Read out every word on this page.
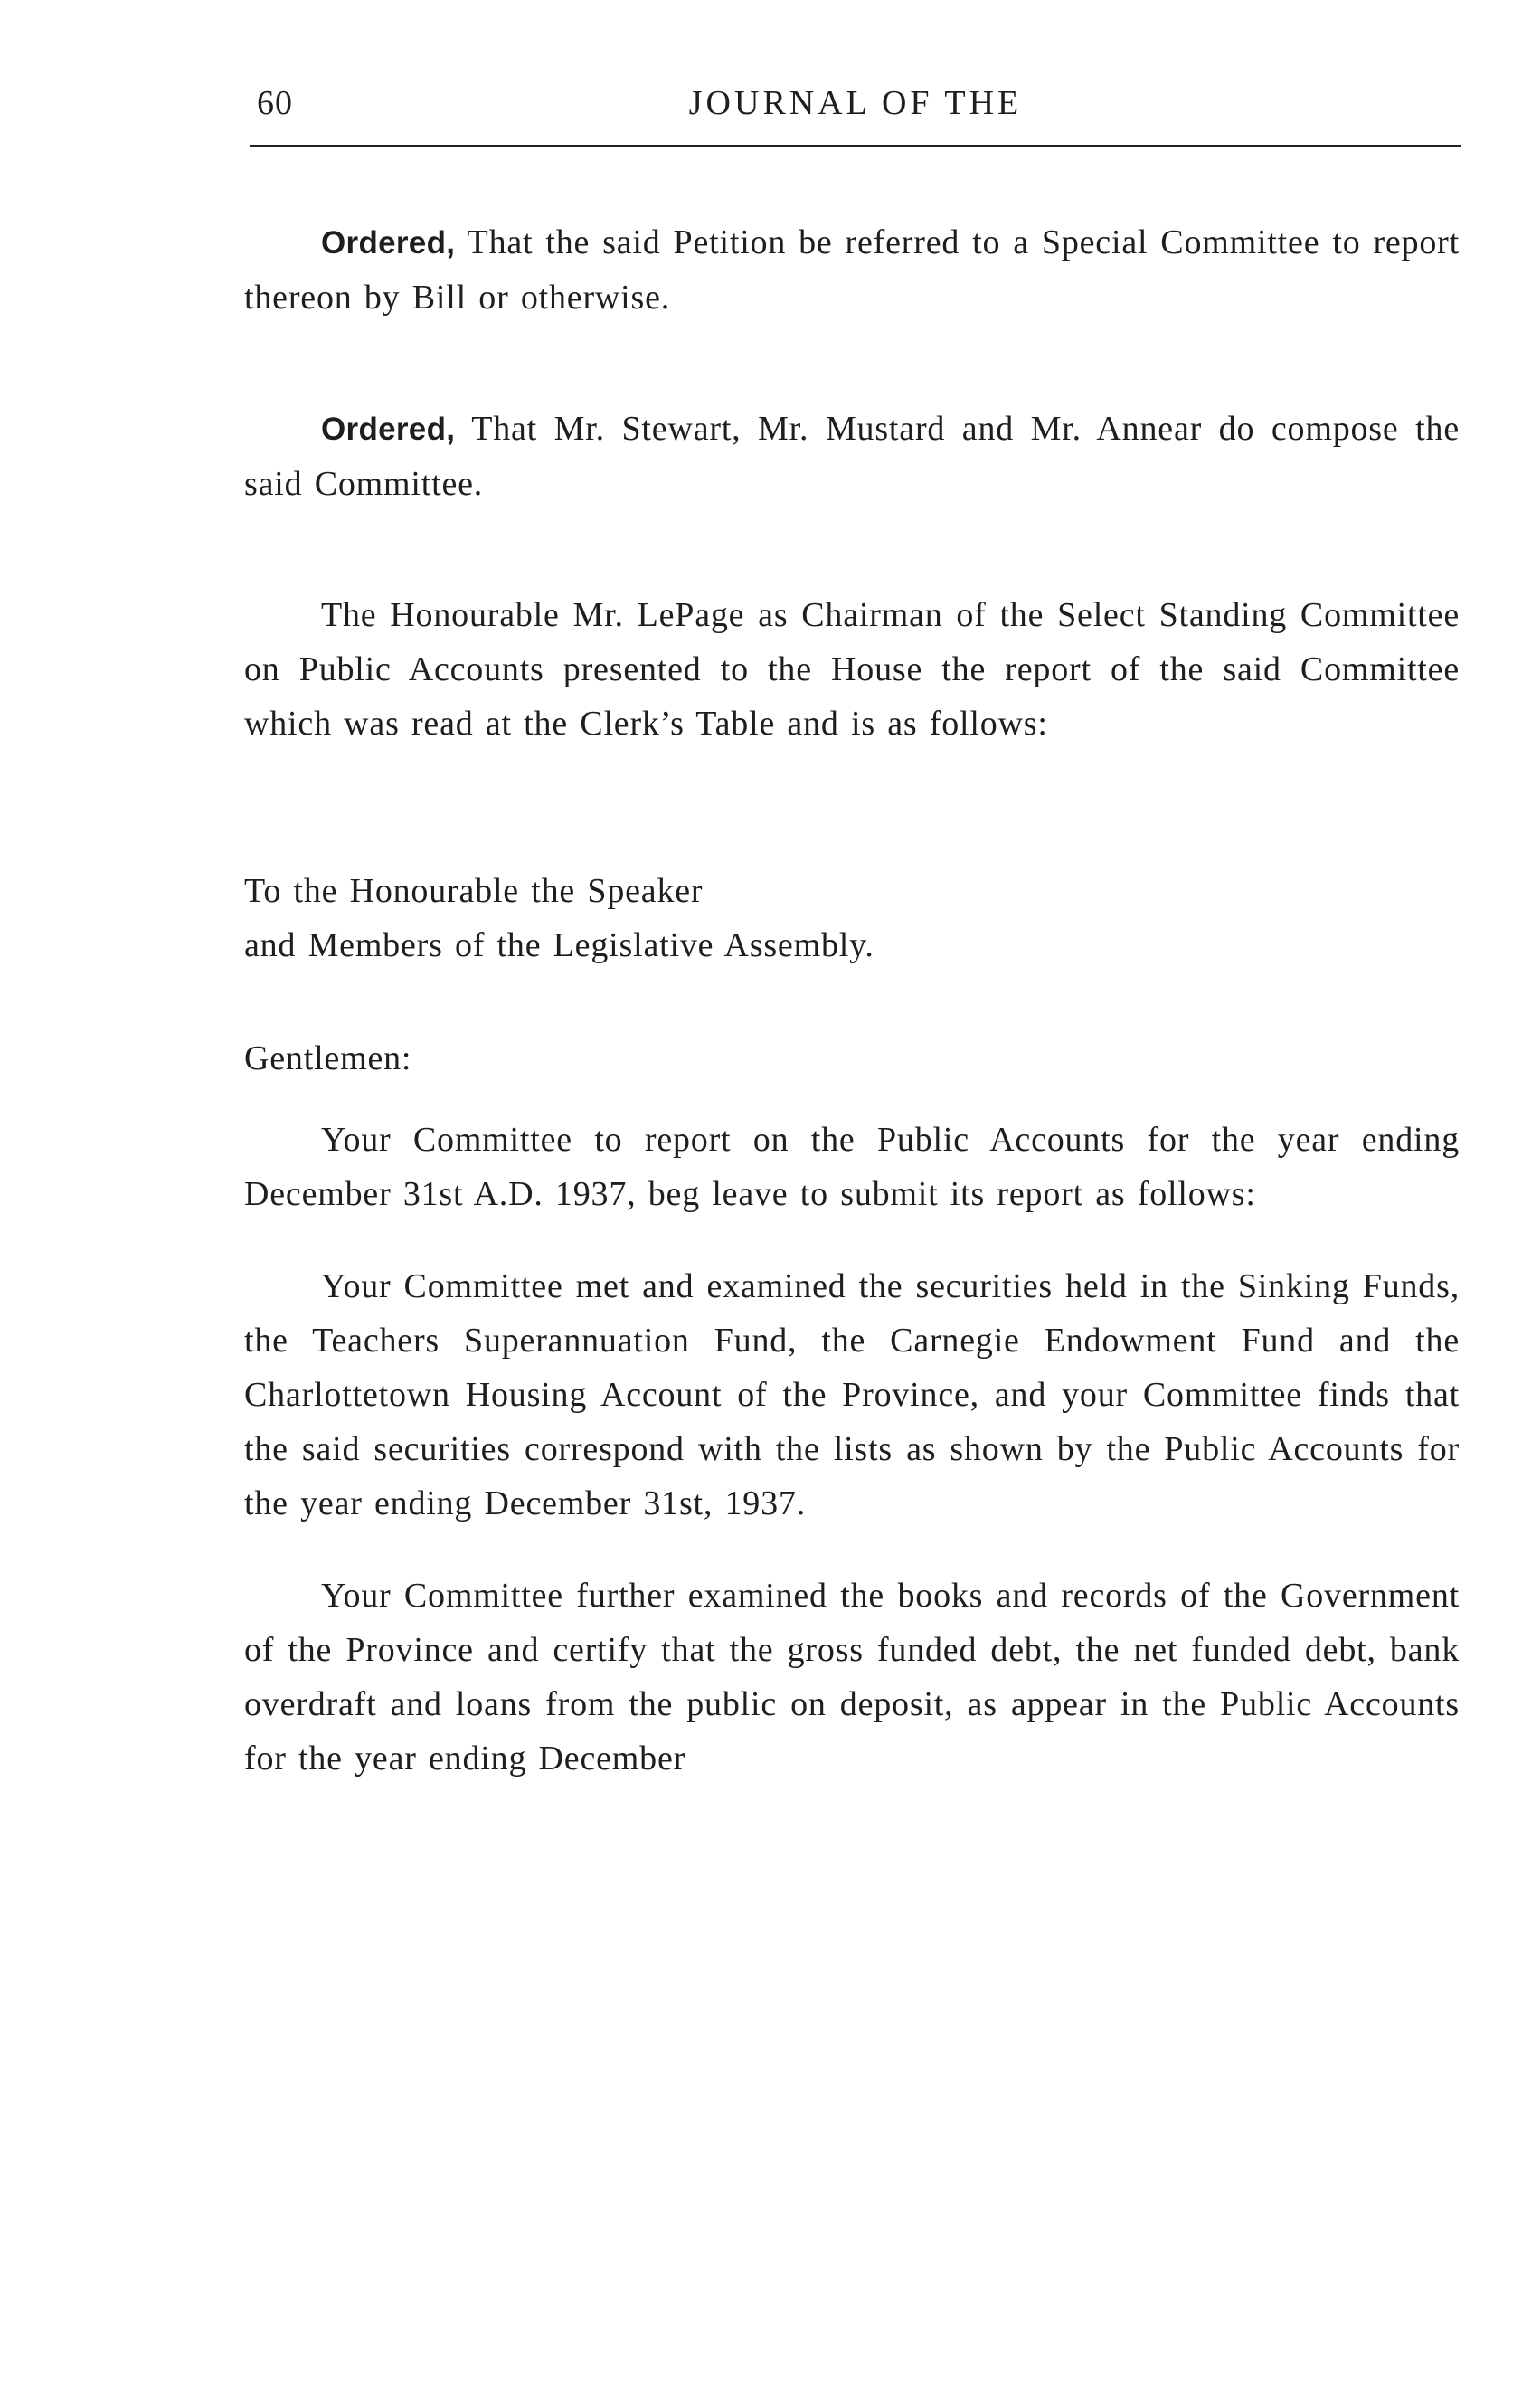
60	JOURNAL OF THE

Ordered, That the said Petition be referred to a Special Committee to report thereon by Bill or otherwise.

Ordered, That Mr. Stewart, Mr. Mustard and Mr. Annear do compose the said Committee.

The Honourable Mr. LePage as Chairman of the Select Standing Committee on Public Accounts presented to the House the report of the said Committee which was read at the Clerk’s Table and is as follows:

To the Honourable the Speaker
and Members of the Legislative Assembly.

Gentlemen:

Your Committee to report on the Public Accounts for the year ending December 31st A.D. 1937, beg leave to submit its report as follows:

Your Committee met and examined the securities held in the Sinking Funds, the Teachers Superannuation Fund, the Carnegie Endowment Fund and the Charlottetown Housing Account of the Province, and your Committee finds that the said securities correspond with the lists as shown by the Public Accounts for the year ending December 31st, 1937.

Your Committee further examined the books and records of the Government of the Province and certify that the gross funded debt, the net funded debt, bank overdraft and loans from the public on deposit, as appear in the Public Accounts for the year ending December
